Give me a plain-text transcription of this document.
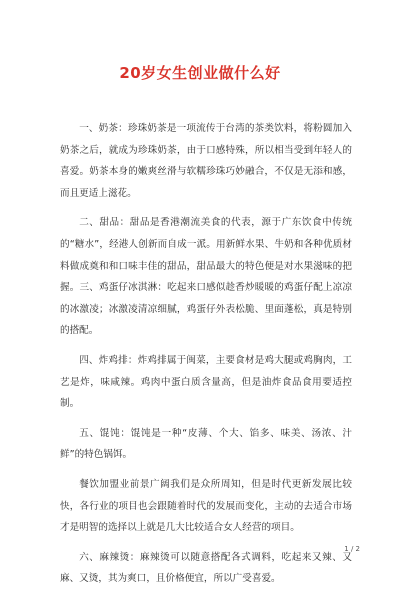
20岁女生创业做什么好

一、奶茶：珍珠奶茶是一项流传于台湾的茶类饮料，将粉圆加入奶茶之后，就成为珍珠奶茶，由于口感特殊，所以相当受到年轻人的喜爱。奶茶本身的嫩爽丝滑与软糯珍珠巧妙融合，不仅是无添和感，而且更适上滋花。

二、甜品：甜品是香港潮流美食的代表，源于广东饮食中传统的“糖水”，经港人创新而自成一派。用新鲜水果、牛奶和各种优质材料做成奠和和口味丰佳的甜品，甜品最大的特色便是对水果滋味的把握。三、鸡蛋仔冰淇淋：吃起来口感似趁香炒暖暖的鸡蛋仔配上凉凉的冰激凌；冰激凌清凉细腻，鸡蛋仔外表松脆、里面蓬松，真是特别的搭配。

四、炸鸡排：炸鸡排属于闽菜，主要食材是鸡大腿或鸡胸肉，工艺是炸，味咸辣。鸡肉中蛋白质含量高，但是油炸食品食用要适控制。

五、馄饨：馄饨是一种“皮薄、个大、馅多、味美、汤浓、汁鲜”的特色锅饵。

餐饮加盟业前景广阔我们是众所周知，但是时代更新发展比较快，各行业的项目也会跟随着时代的发展而变化，主动的去适合市场才是明智的选择以上就是几大比较适合女人经营的项目。

六、麻辣烫：麻辣烫可以随意搭配各式调料，吃起来又辣、又麻、又烫，其为爽口，且价格便宜，所以广受喜爱。

1 / 2
